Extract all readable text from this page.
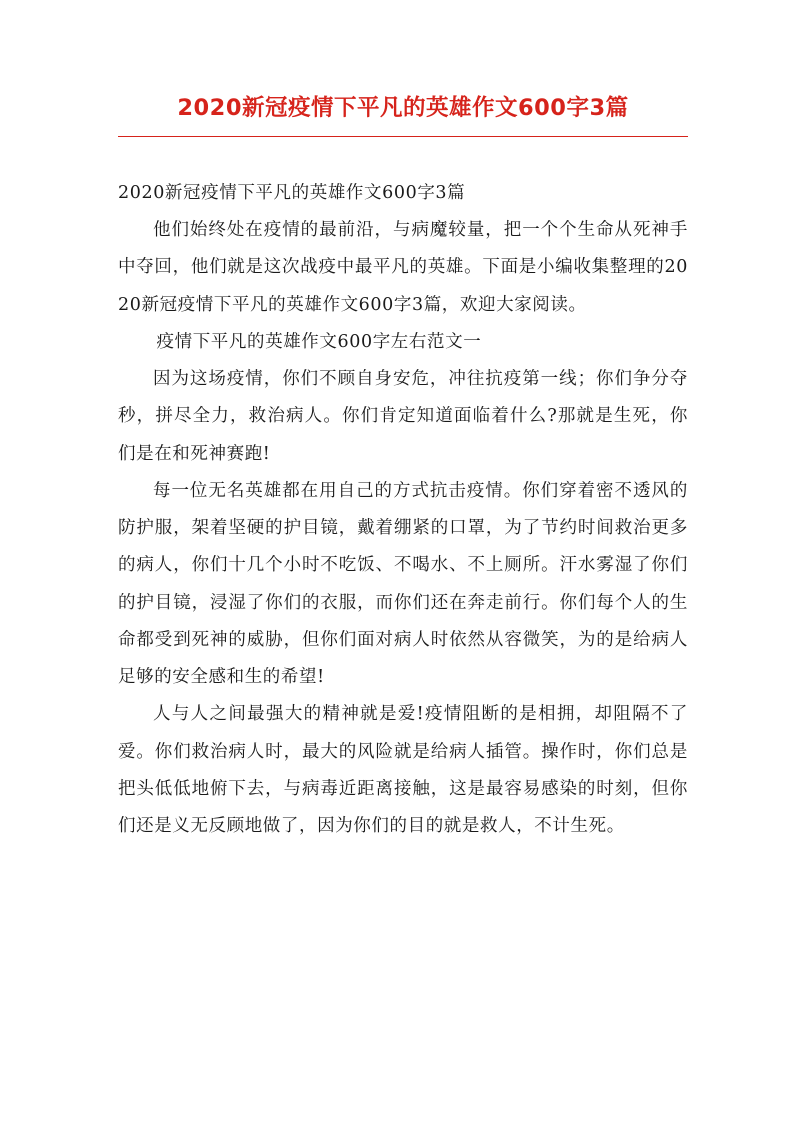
2020新冠疫情下平凡的英雄作文600字3篇

2020新冠疫情下平凡的英雄作文600字3篇

他们始终处在疫情的最前沿，与病魔较量，把一个个生命从死神手中夺回，他们就是这次战疫中最平凡的英雄。下面是小编收集整理的2020新冠疫情下平凡的英雄作文600字3篇，欢迎大家阅读。

疫情下平凡的英雄作文600字左右范文一

因为这场疫情，你们不顾自身安危，冲往抗疫第一线；你们争分夺秒，拼尽全力，救治病人。你们肯定知道面临着什么?那就是生死，你们是在和死神赛跑!

每一位无名英雄都在用自己的方式抗击疫情。你们穿着密不透风的防护服，架着坚硬的护目镜，戴着绷紧的口罩，为了节约时间救治更多的病人，你们十几个小时不吃饭、不喝水、不上厕所。汗水雾湿了你们的护目镜，浸湿了你们的衣服，而你们还在奔走前行。你们每个人的生命都受到死神的威胁，但你们面对病人时依然从容微笑，为的是给病人足够的安全感和生的希望!

人与人之间最强大的精神就是爱!疫情阻断的是相拥，却阻隔不了爱。你们救治病人时，最大的风险就是给病人插管。操作时，你们总是把头低低地俯下去，与病毒近距离接触，这是最容易感染的时刻，但你们还是义无反顾地做了，因为你们的目的就是救人，不计生死。
